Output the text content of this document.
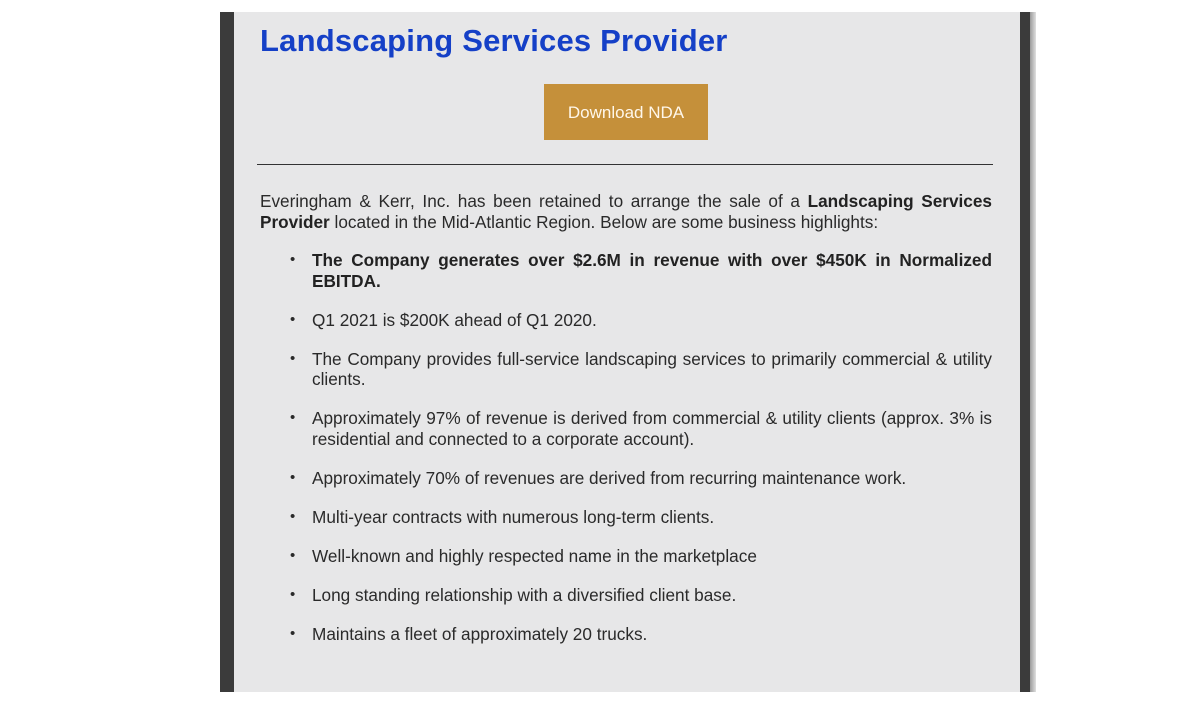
Landscaping Services Provider
Download NDA

Everingham & Kerr, Inc. has been retained to arrange the sale of a Landscaping Services Provider located in the Mid-Atlantic Region. Below are some business highlights:

• The Company generates over $2.6M in revenue with over $450K in Normalized EBITDA.
• Q1 2021 is $200K ahead of Q1 2020.
• The Company provides full-service landscaping services to primarily commercial & utility clients.
• Approximately 97% of revenue is derived from commercial & utility clients (approx. 3% is residential and connected to a corporate account).
• Approximately 70% of revenues are derived from recurring maintenance work.
• Multi-year contracts with numerous long-term clients.
• Well-known and highly respected name in the marketplace
• Long standing relationship with a diversified client base.
• Maintains a fleet of approximately 20 trucks.
